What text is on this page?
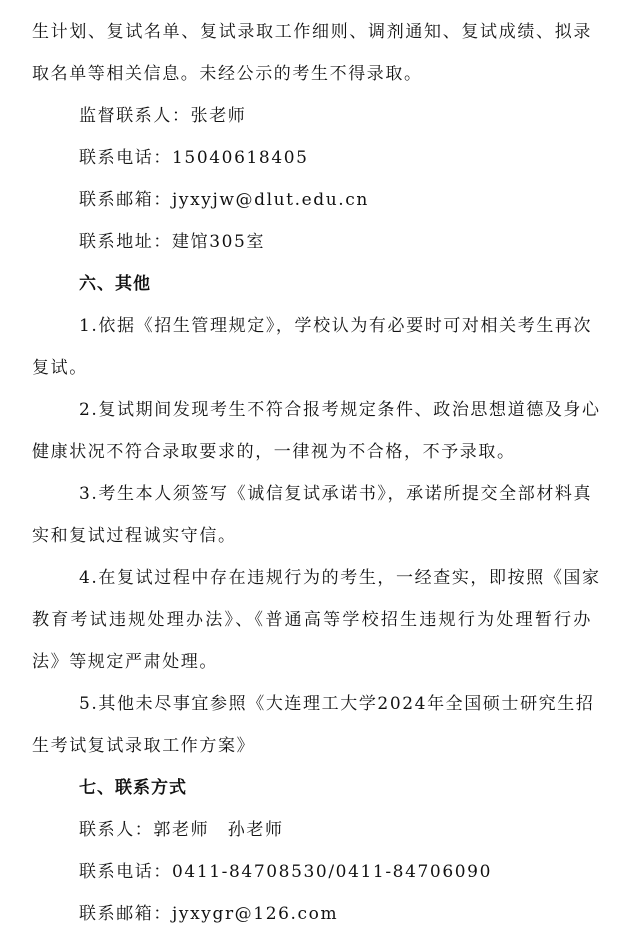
生计划、复试名单、复试录取工作细则、调剂通知、复试成绩、拟录
取名单等相关信息。未经公示的考生不得录取。
监督联系人：张老师
联系电话：15040618405
联系邮箱：jyxyjw@dlut.edu.cn
联系地址：建馆305室
六、其他
1.依据《招生管理规定》，学校认为有必要时可对相关考生再次
复试。
2.复试期间发现考生不符合报考规定条件、政治思想道德及身心
健康状况不符合录取要求的，一律视为不合格，不予录取。
3.考生本人须签写《诚信复试承诺书》，承诺所提交全部材料真
实和复试过程诚实守信。
4.在复试过程中存在违规行为的考生，一经查实，即按照《国家
教育考试违规处理办法》、《普通高等学校招生违规行为处理暂行办
法》等规定严肃处理。
5.其他未尽事宜参照《大连理工大学2024年全国硕士研究生招
生考试复试录取工作方案》
七、联系方式
联系人：郭老师　孙老师
联系电话：0411-84708530/0411-84706090
联系邮箱：jyxygr@126.com
